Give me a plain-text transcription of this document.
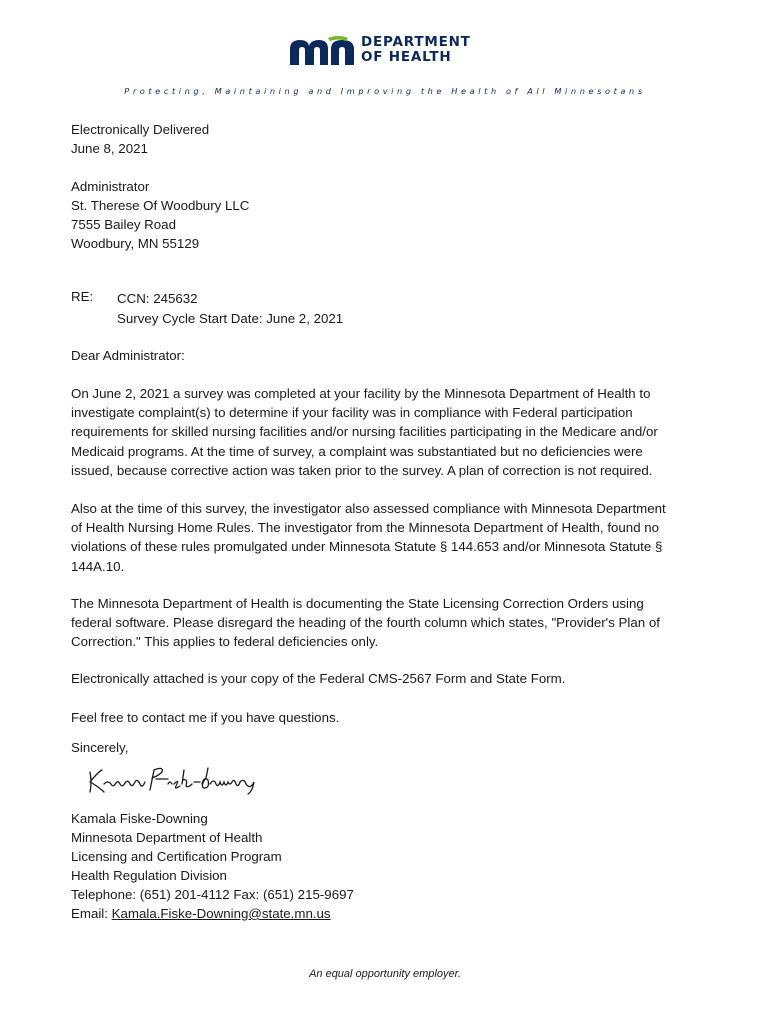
DEPARTMENT
OF HEALTH
Protecting, Maintaining and Improving the Health of All Minnesotans
Electronically Delivered
June 8, 2021
Administrator
St. Therese Of Woodbury LLC
7555 Bailey Road
Woodbury, MN 55129
RE: CCN: 245632
Survey Cycle Start Date: June 2, 2021
Dear Administrator:
On June 2, 2021 a survey was completed at your facility by the Minnesota Department of Health to
investigate complaint(s) to determine if your facility was in compliance with Federal participation
requirements for skilled nursing facilities and/or nursing facilities participating in the Medicare and/or
Medicaid programs. At the time of survey, a complaint was substantiated but no deficiencies were
issued, because corrective action was taken prior to the survey. A plan of correction is not required.
Also at the time of this survey, the investigator also assessed compliance with Minnesota Department
of Health Nursing Home Rules. The investigator from the Minnesota Department of Health, found no
violations of these rules promulgated under Minnesota Statute § 144.653 and/or Minnesota Statute §
144A.10.
The Minnesota Department of Health is documenting the State Licensing Correction Orders using
federal software. Please disregard the heading of the fourth column which states, "Provider's Plan of
Correction." This applies to federal deficiencies only.
Electronically attached is your copy of the Federal CMS-2567 Form and State Form.
Feel free to contact me if you have questions.
Sincerely,
Kamala Fiske-Downing
Minnesota Department of Health
Licensing and Certification Program
Health Regulation Division
Telephone: (651) 201-4112 Fax: (651) 215-9697
Email: Kamala.Fiske-Downing@state.mn.us
An equal opportunity employer.
